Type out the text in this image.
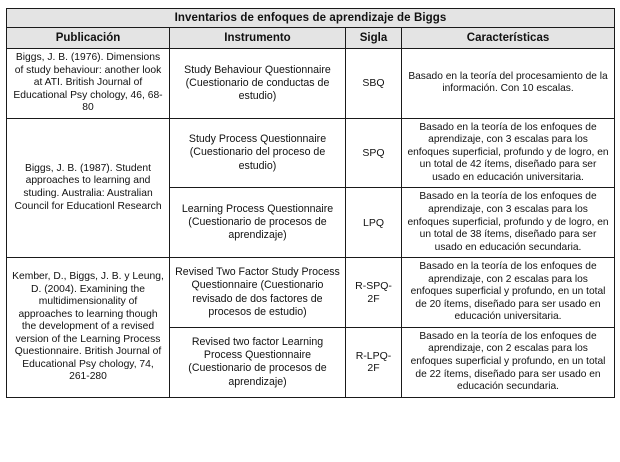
Inventarios de enfoques de aprendizaje de Biggs			
Publicación	Instrumento	Sigla	Características
Biggs, J. B. (1976). Dimensions of study behaviour: another look at ATI. British Journal of Educational Psy chology, 46, 68-80	Study Behaviour Questionnaire (Cuestionario de conductas de estudio)	SBQ	Basado en la teoría del procesamiento de la información. Con 10 escalas.
Biggs, J. B. (1987). Student approaches to learning and studing. Australia: Australian Council for Educationl Research	Study Process Questionnaire (Cuestionario del proceso de estudio)	SPQ	Basado en la teoría de los enfoques de aprendizaje, con 3 escalas para los enfoques superficial, profundo y de logro, en un total de 42 ítems, diseñado para ser usado en educación universitaria.
	Learning Process Questionnaire (Cuestionario de procesos de aprendizaje)	LPQ	Basado en la teoría de los enfoques de aprendizaje, con 3 escalas para los enfoques superficial, profundo y de logro, en un total de 38 ítems, diseñado para ser usado en educación secundaria.
Kember, D., Biggs, J. B. y Leung, D. (2004). Examining the multidimensionality of approaches to learning though the development of a revised version of the Learning Process Questionnaire. British Journal of Educational Psy chology, 74, 261-280	Revised Two Factor Study Process Questionnaire (Cuestionario revisado de dos factores de procesos de estudio)	R-SPQ-2F	Basado en la teoría de los enfoques de aprendizaje, con 2 escalas para los enfoques superficial y profundo, en un total de 20 ítems, diseñado para ser usado en educación universitaria.
	Revised two factor Learning Process Questionnaire (Cuestionario de procesos de aprendizaje)	R-LPQ-2F	Basado en la teoría de los enfoques de aprendizaje, con 2 escalas para los enfoques superficial y profundo, en un total de 22 ítems, diseñado para ser usado en educación secundaria.
